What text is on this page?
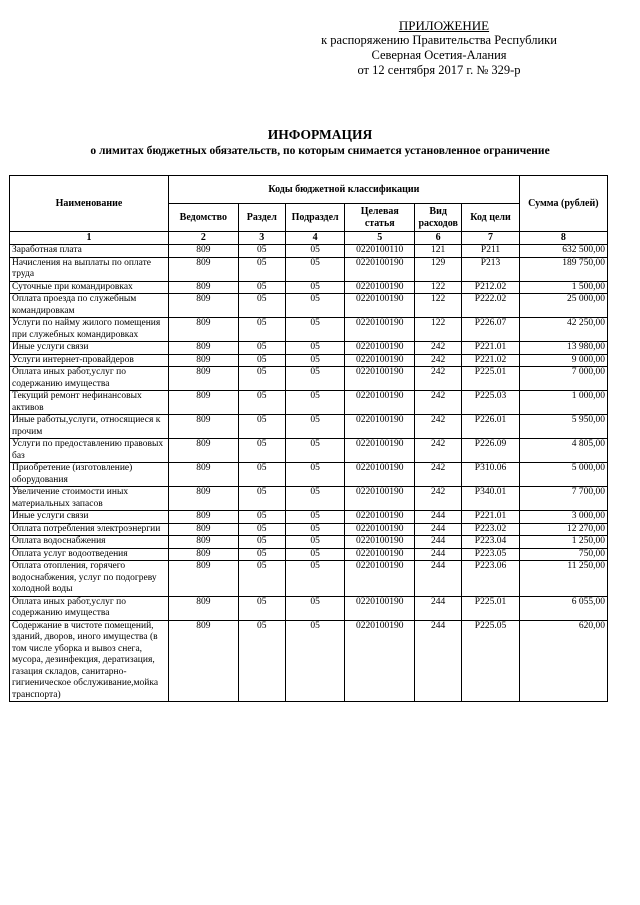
ПРИЛОЖЕНИЕ
к распоряжению Правительства Республики
Северная Осетия-Алания
от 12 сентября 2017 г. № 329-р
ИНФОРМАЦИЯ
о лимитах бюджетных обязательств, по которым снимается установленное ограничение
Наименование	Коды бюджетной классификации						Сумма (рублей)
	Ведомство	Раздел	Подраздел	Целевая статья	Вид расходов	Код цели	
1	2	3	4	5	6	7	8
Заработная плата	809	05	05	0220100110	121	Р211	632 500,00
Начисления на выплаты по оплате труда	809	05	05	0220100190	129	Р213	189 750,00
Суточные при командировках	809	05	05	0220100190	122	Р212.02	1 500,00
Оплата проезда по служебным командировкам	809	05	05	0220100190	122	Р222.02	25 000,00
Услуги по найму жилого помещения при служебных командировках	809	05	05	0220100190	122	Р226.07	42 250,00
Иные услуги связи	809	05	05	0220100190	242	Р221.01	13 980,00
Услуги интернет-провайдеров	809	05	05	0220100190	242	Р221.02	9 000,00
Оплата иных работ,услуг по содержанию имущества	809	05	05	0220100190	242	Р225.01	7 000,00
Текущий ремонт нефинансовых активов	809	05	05	0220100190	242	Р225.03	1 000,00
Иные работы,услуги, относящиеся к прочим	809	05	05	0220100190	242	Р226.01	5 950,00
Услуги по предоставлению правовых баз	809	05	05	0220100190	242	Р226.09	4 805,00
Приобретение (изготовление) оборудования	809	05	05	0220100190	242	Р310.06	5 000,00
Увеличение стоимости иных материальных запасов	809	05	05	0220100190	242	Р340.01	7 700,00
Иные услуги связи	809	05	05	0220100190	244	Р221.01	3 000,00
Оплата потребления электроэнергии	809	05	05	0220100190	244	Р223.02	12 270,00
Оплата водоснабжения	809	05	05	0220100190	244	Р223.04	1 250,00
Оплата услуг водоотведения	809	05	05	0220100190	244	Р223.05	750,00
Оплата отопления, горячего водоснабжения, услуг по подогреву холодной воды	809	05	05	0220100190	244	Р223.06	11 250,00
Оплата иных работ,услуг по содержанию имущества	809	05	05	0220100190	244	Р225.01	6 055,00
Содержание в чистоте помещений, зданий, дворов, иного имущества (в том числе уборка и вывоз снега, мусора, дезинфекция, дератизация, газация складов, санитарно-гигиеническое обслуживание,мойка транспорта)	809	05	05	0220100190	244	Р225.05	620,00
